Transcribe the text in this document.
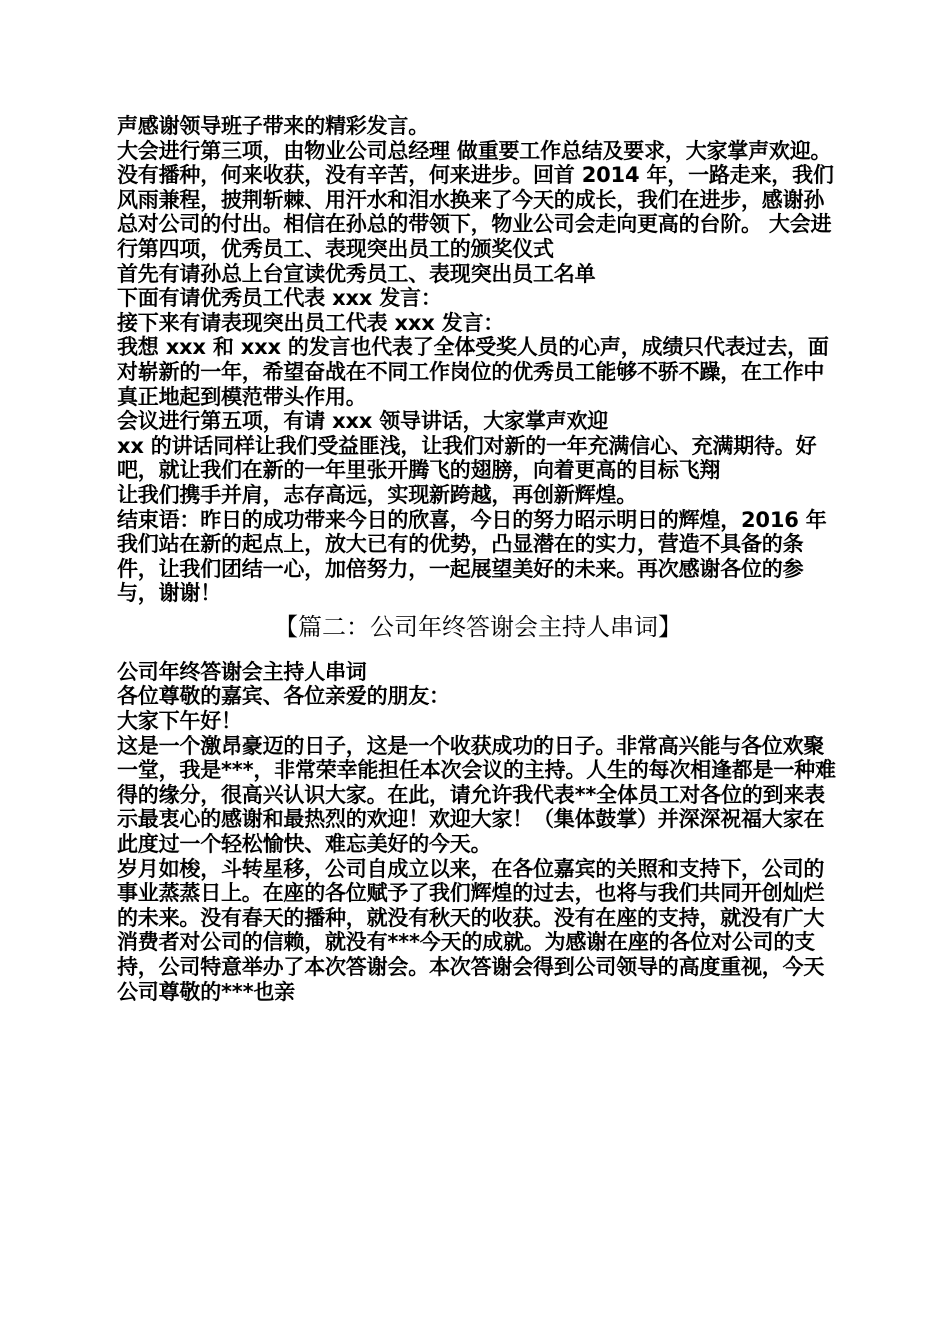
声感谢领导班子带来的精彩发言。

大会进行第三项，由物业公司总经理 做重要工作总结及要求，大家掌声欢迎。

没有播种，何来收获，没有辛苦，何来进步。回首 2014 年，一路走来，我们风雨兼程，披荆斩棘、用汗水和泪水换来了今天的成长，我们在进步，感谢孙总对公司的付出。相信在孙总的带领下，物业公司会走向更高的台阶。 大会进行第四项，优秀员工、表现突出员工的颁奖仪式

首先有请孙总上台宣读优秀员工、表现突出员工名单

下面有请优秀员工代表 xxx 发言：

接下来有请表现突出员工代表 xxx 发言：

我想 xxx 和 xxx 的发言也代表了全体受奖人员的心声，成绩只代表过去，面对崭新的一年，希望奋战在不同工作岗位的优秀员工能够不骄不躁，在工作中真正地起到模范带头作用。

会议进行第五项，有请 xxx 领导讲话，大家掌声欢迎

xx 的讲话同样让我们受益匪浅，让我们对新的一年充满信心、充满期待。好吧，就让我们在新的一年里张开腾飞的翅膀，向着更高的目标飞翔

让我们携手并肩，志存高远，实现新跨越，再创新辉煌。

结束语：昨日的成功带来今日的欣喜，今日的努力昭示明日的辉煌，2016 年我们站在新的起点上，放大已有的优势，凸显潜在的实力，营造不具备的条件，让我们团结一心，加倍努力，一起展望美好的未来。再次感谢各位的参与，谢谢！

【篇二：公司年终答谢会主持人串词】

公司年终答谢会主持人串词

各位尊敬的嘉宾、各位亲爱的朋友：

大家下午好！

这是一个激昂豪迈的日子，这是一个收获成功的日子。非常高兴能与各位欢聚一堂，我是***，非常荣幸能担任本次会议的主持。人生的每次相逢都是一种难得的缘分，很高兴认识大家。在此，请允许我代表**全体员工对各位的到来表示最衷心的感谢和最热烈的欢迎！欢迎大家！（集体鼓掌）并深深祝福大家在此度过一个轻松愉快、难忘美好的今天。

岁月如梭，斗转星移，公司自成立以来，在各位嘉宾的关照和支持下，公司的事业蒸蒸日上。在座的各位赋予了我们辉煌的过去，也将与我们共同开创灿烂的未来。没有春天的播种，就没有秋天的收获。没有在座的支持，就没有广大消费者对公司的信赖，就没有***今天的成就。为感谢在座的各位对公司的支持，公司特意举办了本次答谢会。本次答谢会得到公司领导的高度重视，今天公司尊敬的***也亲
